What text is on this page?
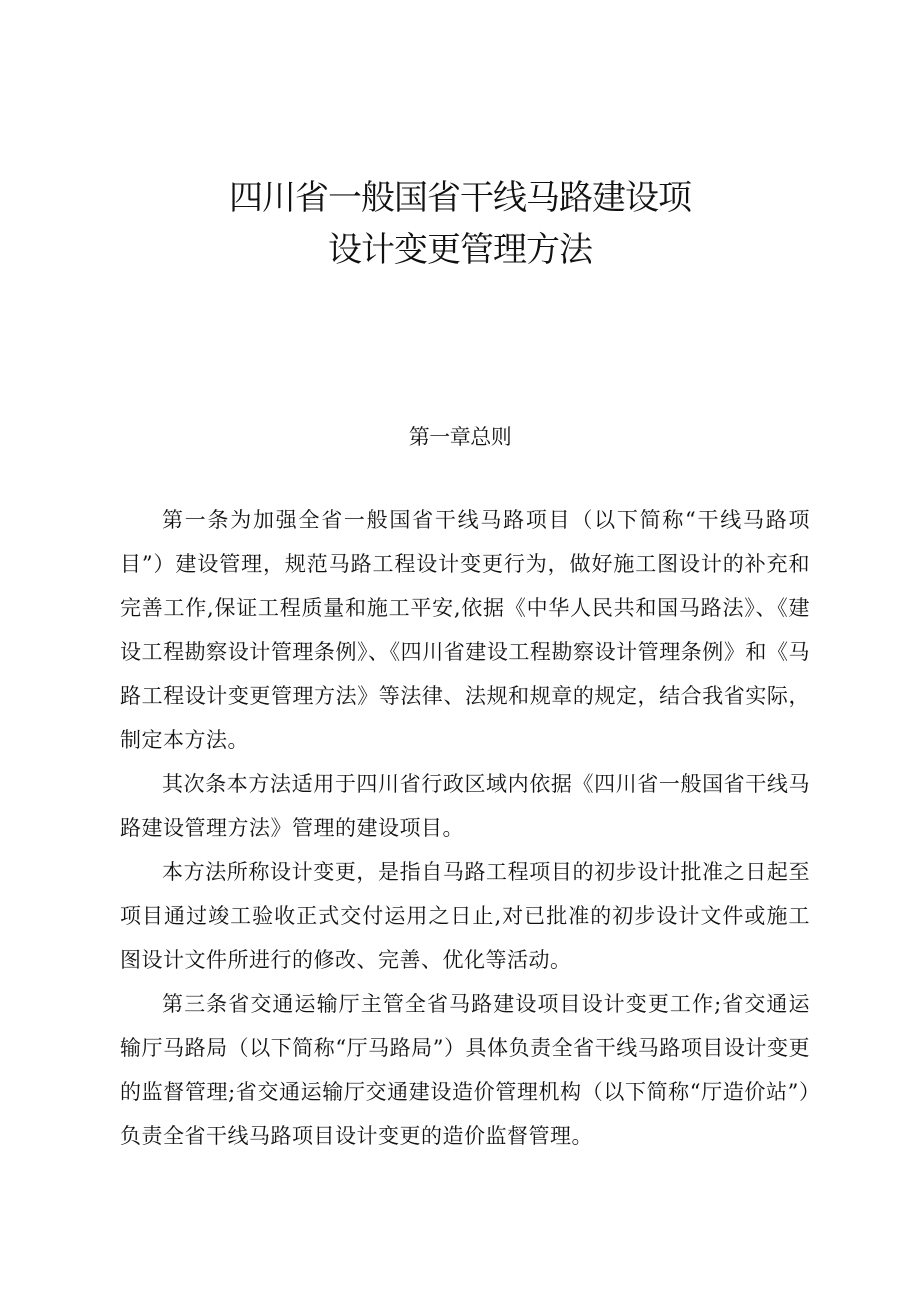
四川省一般国省干线马路建设项
设计变更管理方法
第一章总则

第一条为加强全省一般国省干线马路项目（以下简称“干线马路项目”）建设管理，规范马路工程设计变更行为，做好施工图设计的补充和完善工作,保证工程质量和施工平安,依据《中华人民共和国马路法》、《建设工程勘察设计管理条例》、《四川省建设工程勘察设计管理条例》和《马路工程设计变更管理方法》等法律、法规和规章的规定，结合我省实际，制定本方法。

其次条本方法适用于四川省行政区域内依据《四川省一般国省干线马路建设管理方法》管理的建设项目。

本方法所称设计变更，是指自马路工程项目的初步设计批准之日起至项目通过竣工验收正式交付运用之日止,对已批准的初步设计文件或施工图设计文件所进行的修改、完善、优化等活动。

第三条省交通运输厅主管全省马路建设项目设计变更工作;省交通运输厅马路局（以下简称“厅马路局”）具体负责全省干线马路项目设计变更的监督管理;省交通运输厅交通建设造价管理机构（以下简称“厅造价站”）负责全省干线马路项目设计变更的造价监督管理。
